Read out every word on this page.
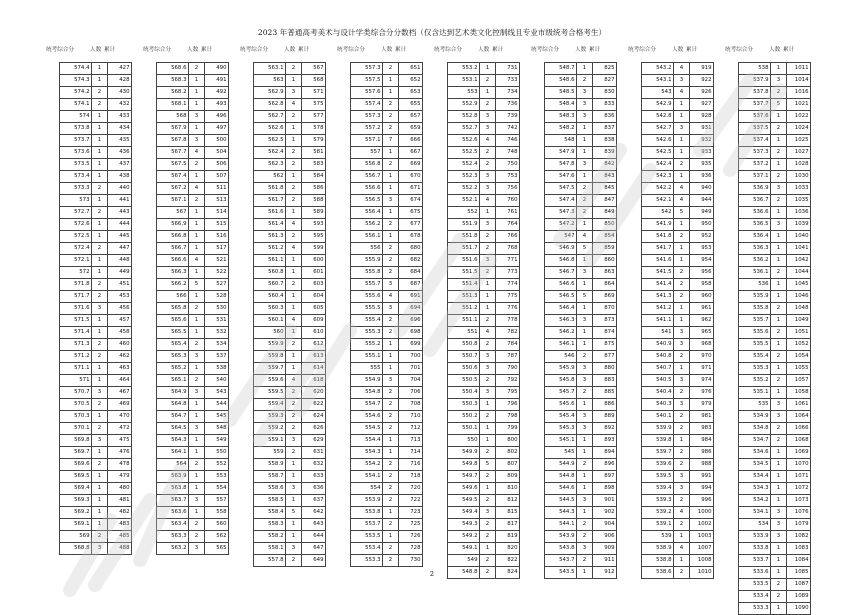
2023 年普通高考美术与设计学类综合分分数档（仅含达到艺术类文化控制线且专业市级统考合格考生）
统考综合分	人数 累计
574.4	1	427
574.3	1	428
574.2	2	430
574.1	2	432
574	1	433
573.8	1	434
573.7	1	435
573.6	1	436
573.5	1	437
573.4	1	438
573.3	2	440
573	1	441
572.7	2	443
572.6	1	444
572.5	1	445
572.4	2	447
572.1	1	448
572	1	449
571.8	2	451
571.7	2	453
571.6	3	456
571.5	1	457
571.4	1	458
571.3	2	460
571.2	2	462
571.1	1	463
571	1	464
570.7	3	467
570.5	2	469
570.3	1	470
570.1	2	472
569.8	3	475
569.7	1	476
569.6	2	478
569.5	1	479
569.4	1	480
569.3	1	481
569.2	1	482
569.1	1	483
569	2	485
568.8	3	488
统考综合分	人数 累计
568.6	2	490
568.3	1	491
568.2	1	492
568.1	1	493
568	3	496
567.9	1	497
567.8	3	500
567.7	4	504
567.5	2	506
567.4	1	507
567.2	4	511
567.1	2	513
567	1	514
566.9	1	515
566.8	1	516
566.7	1	517
566.6	4	521
566.3	1	522
566.2	5	527
566	1	528
565.8	2	530
565.6	1	531
565.5	1	532
565.4	2	534
565.3	3	537
565.2	1	538
565.1	2	540
564.9	3	543
564.8	1	544
564.7	1	545
564.5	3	548
564.3	1	549
564.1	1	550
564	2	552
563.9	1	553
563.8	1	554
563.7	3	557
563.6	1	558
563.4	2	560
563.3	2	562
563.2	3	565
统考综合分	人数 累计
563.1	2	567
563	1	568
562.9	3	571
562.8	4	575
562.7	2	577
562.6	1	578
562.5	1	579
562.4	2	581
562.3	2	583
562	1	584
561.8	2	586
561.7	2	588
561.6	1	589
561.4	4	593
561.3	2	595
561.2	4	599
561.1	1	600
560.8	1	601
560.7	2	603
560.4	1	604
560.3	1	605
560.1	4	609
560	1	610
559.9	2	612
559.8	1	613
559.7	1	614
559.6	4	618
559.5	2	620
559.4	2	622
559.3	2	624
559.2	2	626
559.1	3	629
559	2	631
558.9	1	632
558.7	1	633
558.6	3	636
558.5	1	637
558.4	5	642
558.3	1	643
558.2	1	644
558.1	3	647
557.8	2	649
统考综合分	人数 累计
557.3	2	651
557.5	1	652
557.6	1	653
557.4	2	655
557.3	2	657
557.2	2	659
557.1	7	666
557	1	667
556.8	2	669
556.7	1	670
556.6	1	671
556.5	3	674
556.4	1	675
556.2	2	677
556.1	1	678
556	2	680
555.9	2	682
555.8	2	684
555.7	3	687
555.6	4	691
555.5	3	694
555.4	2	696
555.3	2	698
555.2	1	699
555.1	1	700
555	1	701
554.9	3	704
554.8	2	706
554.7	2	708
554.6	2	710
554.5	2	712
554.4	1	713
554.3	1	714
554.2	2	716
554.1	2	718
554	2	720
553.9	2	722
553.8	1	723
553.7	2	725
553.5	1	726
553.4	2	728
553.3	2	730
统考综合分	人数 累计
553.2	1	731
553.1	2	733
553	1	734
552.9	2	736
552.8	3	739
552.7	3	742
552.6	4	746
552.5	2	748
552.4	2	750
552.3	3	753
552.2	3	756
552.1	4	760
552	1	761
551.9	3	764
551.8	2	766
551.7	2	768
551.6	3	771
551.5	2	773
551.4	1	774
551.3	1	775
551.2	1	776
551.1	2	778
551	4	782
550.8	2	784
550.7	3	787
550.6	3	790
550.5	2	792
550.4	3	795
550.3	1	796
550.2	2	798
550.1	1	799
550	1	800
549.9	2	802
549.8	5	807
549.7	2	809
549.6	1	810
549.5	2	812
549.4	3	815
549.3	2	817
549.2	2	819
549.1	1	820
549	2	822
548.8	2	824
统考综合分	人数 累计
548.7	1	825
548.6	2	827
548.5	3	830
548.4	3	833
548.3	3	836
548.2	1	837
548	1	838
547.9	1	839
547.8	3	842
547.6	1	843
547.5	2	845
547.4	2	847
547.3	2	849
547.2	1	850
547	4	854
546.9	5	859
546.8	1	860
546.7	3	863
546.6	1	864
546.5	5	869
546.4	1	870
546.3	3	873
546.2	1	874
546.1	1	875
546	2	877
545.9	3	880
545.8	3	883
545.7	2	885
545.6	1	886
545.4	3	889
545.3	3	892
545.1	1	893
545	1	894
544.9	2	896
544.8	1	897
544.6	1	898
544.5	3	901
544.3	1	902
544.1	2	904
543.9	2	906
543.8	3	909
543.7	2	911
543.5	1	912
统考综合分	人数 累计
543.2	4	919
543.1	3	922
543	4	926
542.9	1	927
542.8	1	928
542.7	3	931
542.6	1	932
542.5	1	933
542.4	2	935
542.3	1	936
542.2	4	940
542.1	4	944
542	5	949
541.9	1	950
541.8	2	952
541.7	1	953
541.6	1	954
541.5	2	956
541.4	2	958
541.3	2	960
541.2	1	961
541.1	1	962
541	3	965
540.9	3	968
540.8	2	970
540.7	1	971
540.5	3	974
540.4	2	976
540.3	3	979
540.1	2	981
539.9	2	983
539.8	1	984
539.7	2	986
539.6	2	988
539.5	3	991
539.4	3	994
539.3	2	996
539.2	4	1000
539.1	2	1002
539	1	1003
538.9	4	1007
538.8	1	1008
538.6	2	1010
统考综合分	人数 累计
538	1	1011
537.9	3	1014
537.8	2	1016
537.7	5	1021
537.6	1	1022
537.5	2	1024
537.4	1	1025
537.3	2	1027
537.2	1	1028
537.1	2	1030
536.9	3	1033
536.7	2	1035
536.6	1	1036
536.5	3	1039
536.4	1	1040
536.3	1	1041
536.2	1	1042
536.1	2	1044
536	1	1045
535.9	1	1046
535.8	2	1048
535.7	1	1049
535.6	2	1051
535.5	1	1052
535.4	2	1054
535.3	1	1055
535.2	2	1057
535.1	1	1058
535	3	1061
534.9	3	1064
534.8	2	1066
534.7	2	1068
534.6	1	1069
534.5	1	1070
534.4	1	1071
534.3	1	1072
534.2	1	1073
534.1	3	1076
534	3	1079
533.9	3	1082
533.8	1	1083
533.7	1	1084
533.6	1	1085
533.5	2	1087
533.4	2	1089
533.3	1	1090
2
